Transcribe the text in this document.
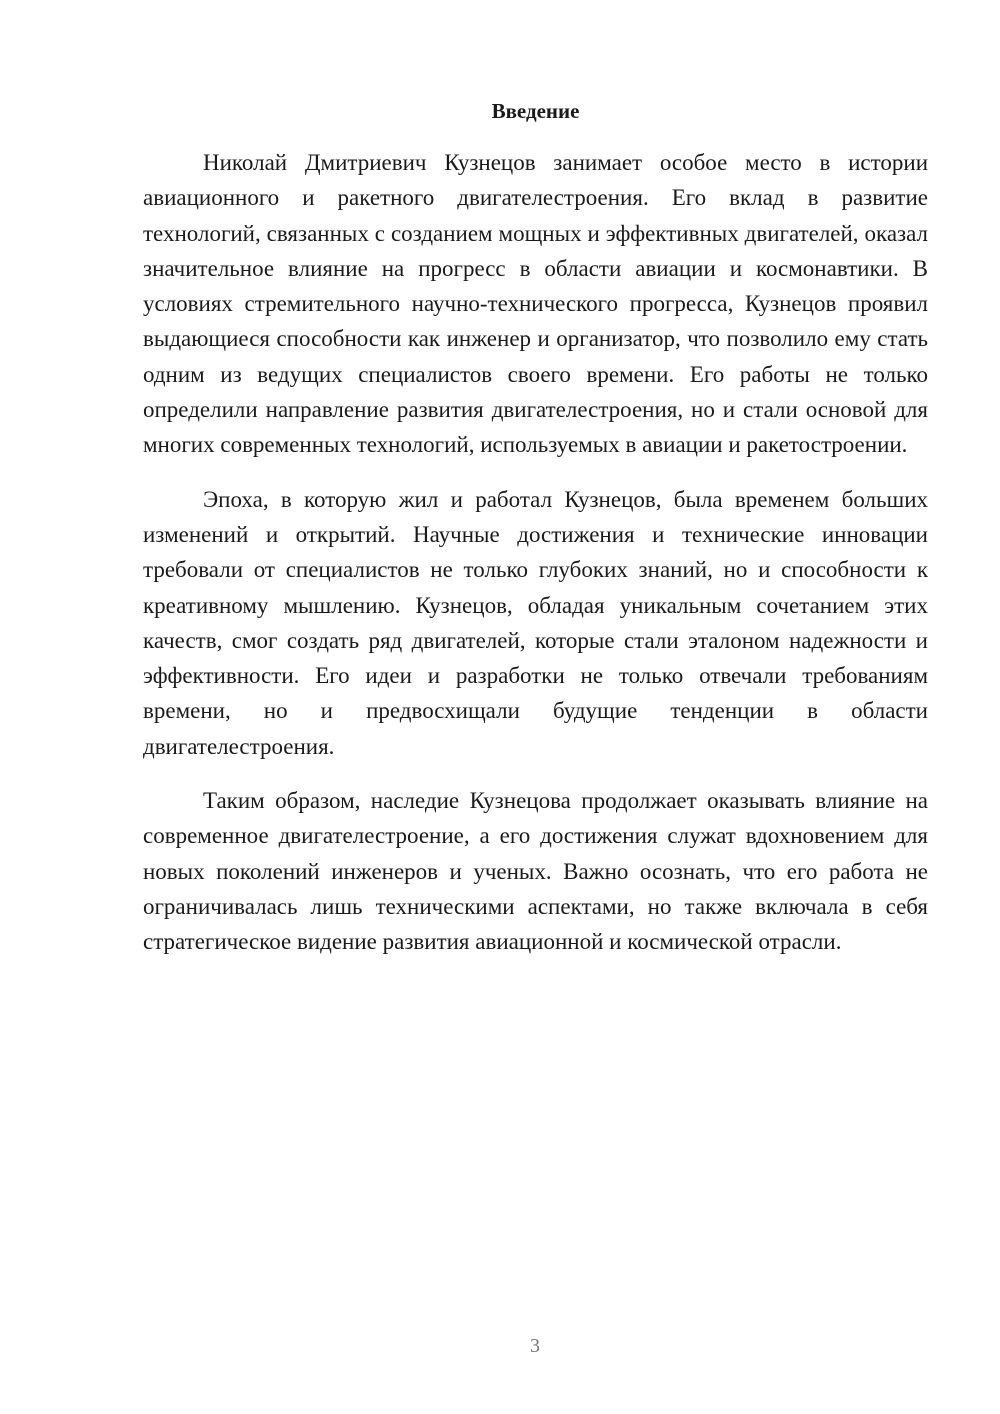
Введение

Николай Дмитриевич Кузнецов занимает особое место в истории авиационного и ракетного двигателестроения. Его вклад в развитие технологий, связанных с созданием мощных и эффективных двигателей, оказал значительное влияние на прогресс в области авиации и космонавтики. В условиях стремительного научно-технического прогресса, Кузнецов проявил выдающиеся способности как инженер и организатор, что позволило ему стать одним из ведущих специалистов своего времени. Его работы не только определили направление развития двигателестроения, но и стали основой для многих современных технологий, используемых в авиации и ракетостроении.

Эпоха, в которую жил и работал Кузнецов, была временем больших изменений и открытий. Научные достижения и технические инновации требовали от специалистов не только глубоких знаний, но и способности к креативному мышлению. Кузнецов, обладая уникальным сочетанием этих качеств, смог создать ряд двигателей, которые стали эталоном надежности и эффективности. Его идеи и разработки не только отвечали требованиям времени, но и предвосхищали будущие тенденции в области двигателестроения.

Таким образом, наследие Кузнецова продолжает оказывать влияние на современное двигателестроение, а его достижения служат вдохновением для новых поколений инженеров и ученых. Важно осознать, что его работа не ограничивалась лишь техническими аспектами, но также включала в себя стратегическое видение развития авиационной и космической отрасли.

3
